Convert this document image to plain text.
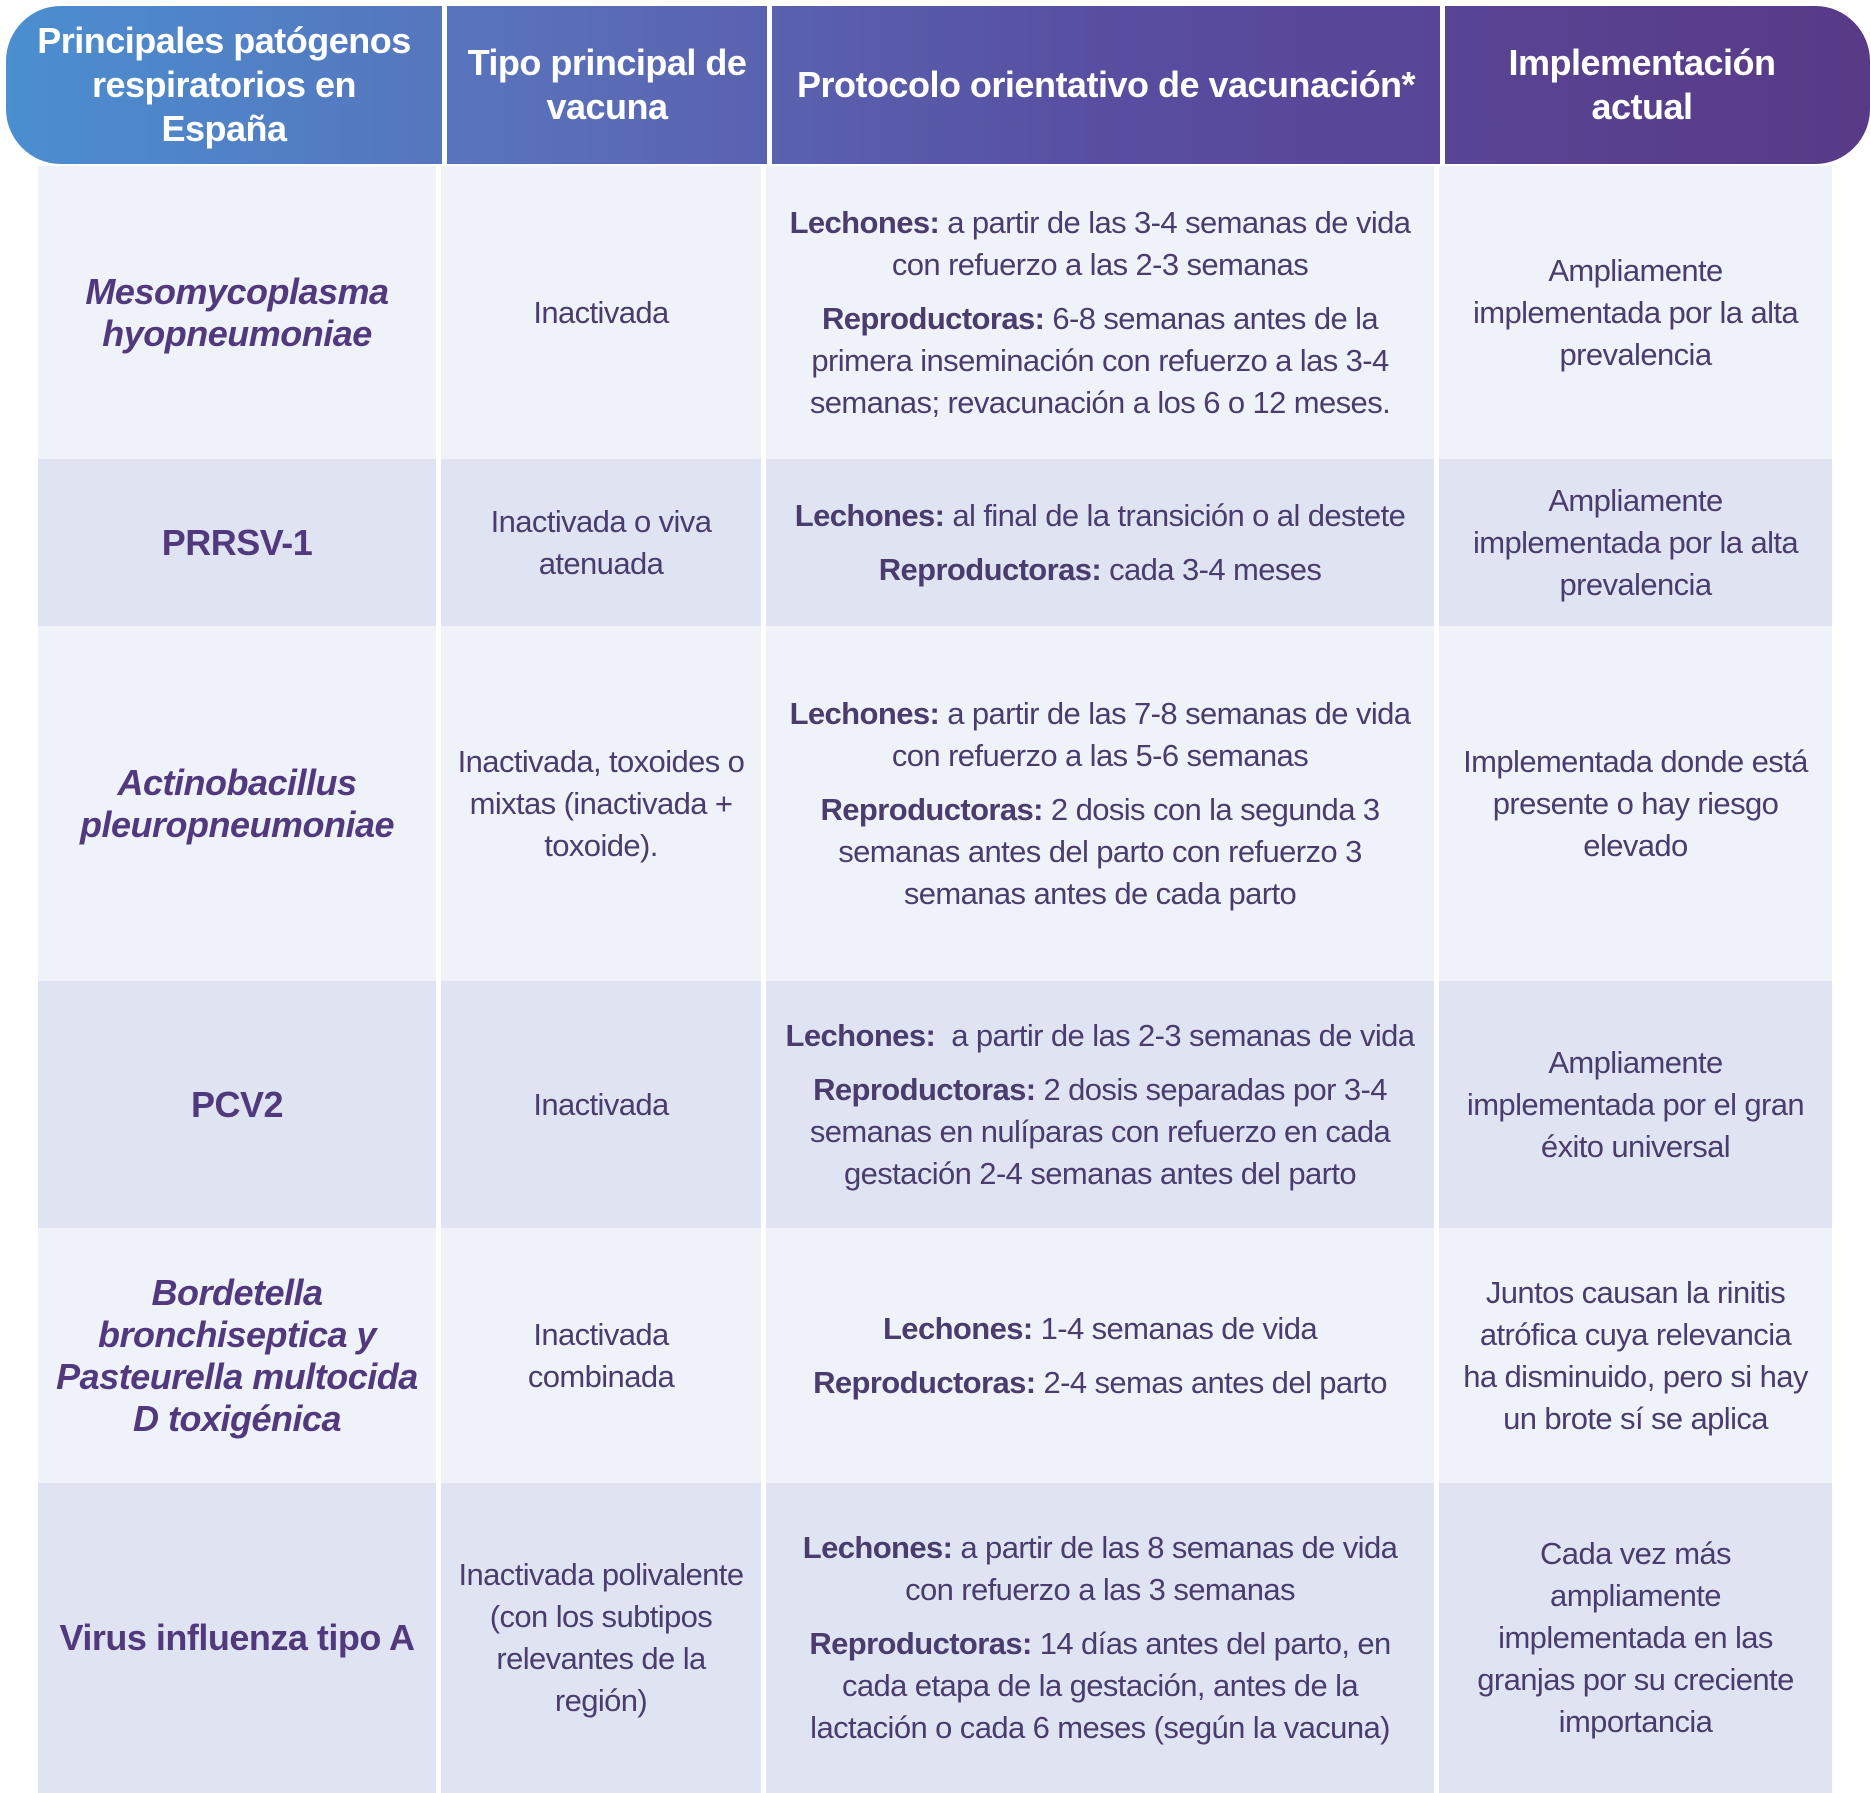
Principales patógenos respiratorios en España
Tipo principal de vacuna
Protocolo orientativo de vacunación*
Implementación actual
Mesomycoplasma hyopneumoniae
Inactivada
Lechones: a partir de las 3-4 semanas de vida con refuerzo a las 2-3 semanas
Reproductoras: 6-8 semanas antes de la primera inseminación con refuerzo a las 3-4 semanas; revacunación a los 6 o 12 meses.
Ampliamente implementada por la alta prevalencia
PRRSV-1
Inactivada o viva atenuada
Lechones: al final de la transición o al destete
Reproductoras: cada 3-4 meses
Ampliamente implementada por la alta prevalencia
Actinobacillus pleuropneumoniae
Inactivada, toxoides o mixtas (inactivada + toxoide).
Lechones: a partir de las 7-8 semanas de vida con refuerzo a las 5-6 semanas
Reproductoras: 2 dosis con la segunda 3 semanas antes del parto con refuerzo 3 semanas antes de cada parto
Implementada donde está presente o hay riesgo elevado
PCV2	Inactivada
Lechones:  a partir de las 2-3 semanas de vida
Reproductoras: 2 dosis separadas por 3-4 semanas en nulíparas con refuerzo en cada gestación 2-4 semanas antes del parto
Ampliamente implementada por el gran éxito universal
Bordetella bronchiseptica y Pasteurella multocida D toxigénica
Inactivada combinada
Lechones: 1-4 semanas de vida
Reproductoras: 2-4 semas antes del parto
Juntos causan la rinitis atrófica cuya relevancia ha disminuido, pero si hay un brote sí se aplica
Virus influenza tipo A
Inactivada polivalente (con los subtipos relevantes de la región)
Lechones: a partir de las 8 semanas de vida con refuerzo a las 3 semanas
Reproductoras: 14 días antes del parto, en cada etapa de la gestación, antes de la lactación o cada 6 meses (según la vacuna)
Cada vez más ampliamente implementada en las granjas por su creciente importancia
